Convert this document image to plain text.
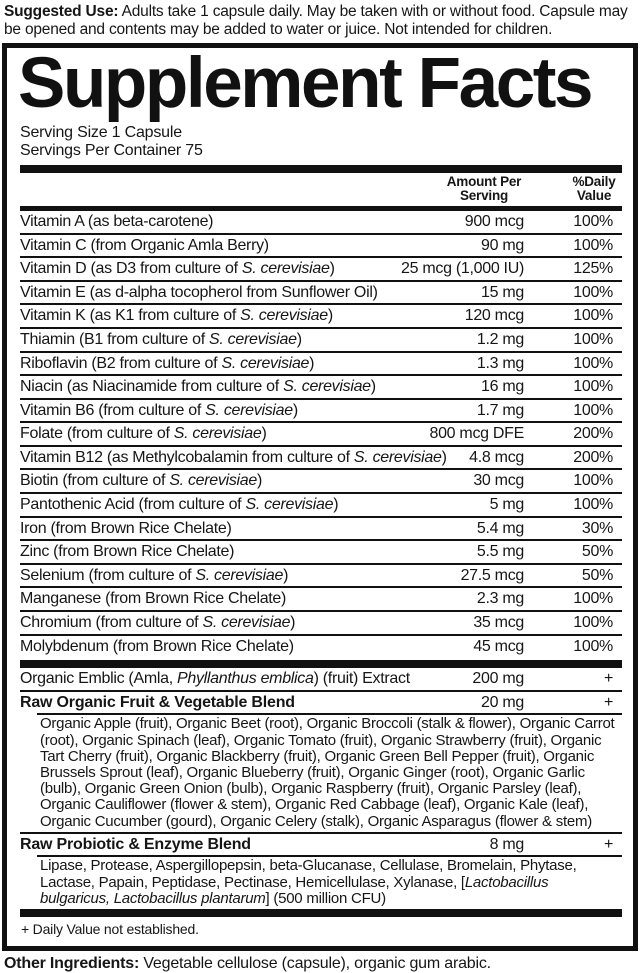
Suggested Use: Adults take 1 capsule daily. May be taken with or without food. Capsule may be opened and contents may be added to water or juice. Not intended for children.
Supplement Facts
Serving Size 1 Capsule
Servings Per Container 75
Amount Per
Serving
%Daily
Value
Vitamin A (as beta-carotene)	900 mcg	100%
Vitamin C (from Organic Amla Berry)	90 mg	100%
Vitamin D (as D3 from culture of S. cerevisiae)	25 mcg (1,000 IU)	125%
Vitamin E (as d-alpha tocopherol from Sunflower Oil)	15 mg	100%
Vitamin K (as K1 from culture of S. cerevisiae)	120 mcg	100%
Thiamin (B1 from culture of S. cerevisiae)	1.2 mg	100%
Riboflavin (B2 from culture of S. cerevisiae)	1.3 mg	100%
Niacin (as Niacinamide from culture of S. cerevisiae)	16 mg	100%
Vitamin B6 (from culture of S. cerevisiae)	1.7 mg	100%
Folate (from culture of S. cerevisiae)	800 mcg DFE	200%
Vitamin B12 (as Methylcobalamin from culture of S. cerevisiae) 4.8 mcg	200%
Biotin (from culture of S. cerevisiae)	30 mcg	100%
Pantothenic Acid (from culture of S. cerevisiae)	5 mg	100%
Iron (from Brown Rice Chelate)	5.4 mg	30%
Zinc (from Brown Rice Chelate)	5.5 mg	50%
Selenium (from culture of S. cerevisiae)	27.5 mcg	50%
Manganese (from Brown Rice Chelate)	2.3 mg	100%
Chromium (from culture of S. cerevisiae)	35 mcg	100%
Molybdenum (from Brown Rice Chelate)	45 mcg	100%
Organic Emblic (Amla, Phyllanthus emblica) (fruit) Extract	200 mg	+
Raw Organic Fruit & Vegetable Blend	20 mg	+
Organic Apple (fruit), Organic Beet (root), Organic Broccoli (stalk & flower), Organic Carrot (root), Organic Spinach (leaf), Organic Tomato (fruit), Organic Strawberry (fruit), Organic Tart Cherry (fruit), Organic Blackberry (fruit), Organic Green Bell Pepper (fruit), Organic Brussels Sprout (leaf), Organic Blueberry (fruit), Organic Ginger (root), Organic Garlic (bulb), Organic Green Onion (bulb), Organic Raspberry (fruit), Organic Parsley (leaf), Organic Cauliflower (flower & stem), Organic Red Cabbage (leaf), Organic Kale (leaf), Organic Cucumber (gourd), Organic Celery (stalk), Organic Asparagus (flower & stem)
Raw Probiotic & Enzyme Blend	8 mg	+
Lipase, Protease, Aspergillopepsin, beta-Glucanase, Cellulase, Bromelain, Phytase, Lactase, Papain, Peptidase, Pectinase, Hemicellulase, Xylanase, [Lactobacillus bulgaricus, Lactobacillus plantarum] (500 million CFU)
+ Daily Value not established.
Other Ingredients: Vegetable cellulose (capsule), organic gum arabic.
